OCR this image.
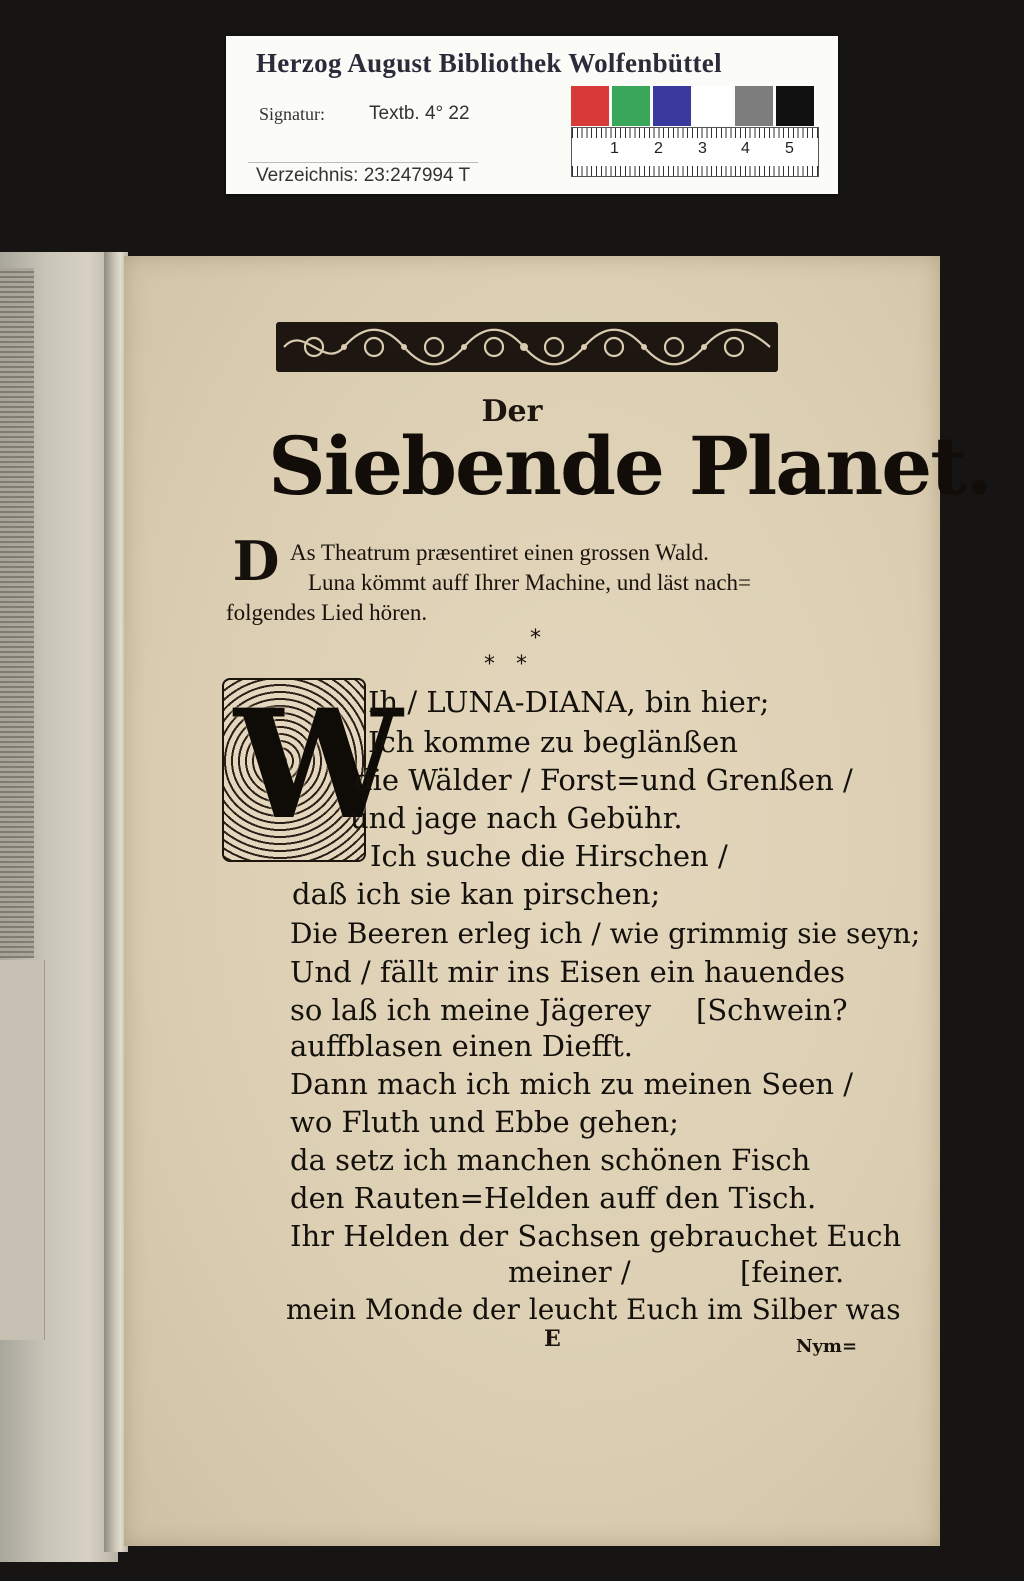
Herzog August Bibliothek Wolfenbüttel
Signatur: Textb. 4° 22
Verzeichnis: 23:247994 T
1 2 3 4 5
Der
Siebende Planet.
D As Theatrum præsentiret einen grossen Wald.
Luna kömmt auff Ihrer Machine, und läst nach=
folgendes Lied hören.
*
*   *
W
Ih / LUNA-DIANA, bin hier;
Ich komme zu beglänßen
die Wälder / Forst=und Grenßen /
und jage nach Gebühr.
Ich suche die Hirschen /
daß ich sie kan pirschen;
Die Beeren erleg ich / wie grimmig sie seyn;
Und / fällt mir ins Eisen ein hauendes
so laß ich meine Jägerey [Schwein?
auffblasen einen Diefft.
Dann mach ich mich zu meinen Seen /
wo Fluth und Ebbe gehen;
da setz ich manchen schönen Fisch
den Rauten=Helden auff den Tisch.
Ihr Helden der Sachsen gebrauchet Euch
meiner /	[feiner.
mein Monde der leucht Euch im Silber was
E	Nym=
